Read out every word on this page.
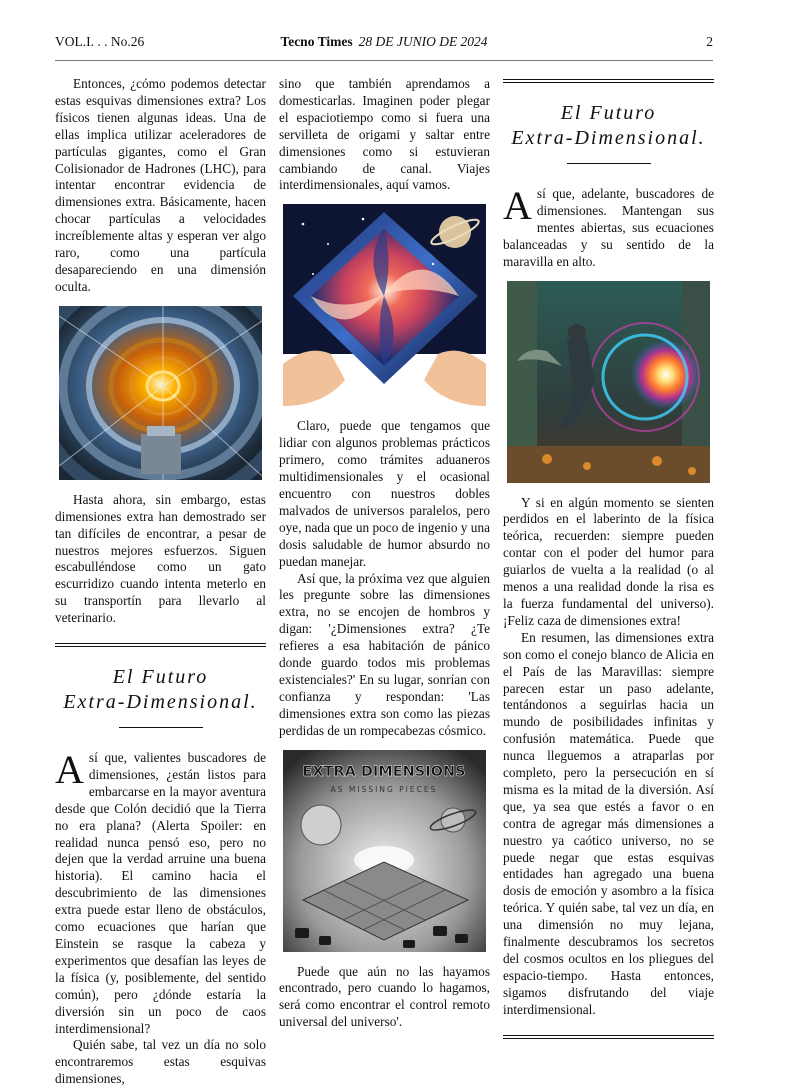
VOL.I. . . No.26	Tecno Times 28 DE JUNIO DE 2024	2

Entonces, ¿cómo podemos detectar estas esquivas dimensiones extra? Los físicos tienen algunas ideas. Una de ellas implica utilizar aceleradores de partículas gigantes, como el Gran Colisionador de Hadrones (LHC), para intentar encontrar evidencia de dimensiones extra. Básicamente, hacen chocar partículas a velocidades increíblemente altas y esperan ver algo raro, como una partícula desapareciendo en una dimensión oculta.

Hasta ahora, sin embargo, estas dimensiones extra han demostrado ser tan difíciles de encontrar, a pesar de nuestros mejores esfuerzos. Siguen escabulléndose como un gato escurridizo cuando intenta meterlo en su transportín para llevarlo al veterinario.

El Futuro
Extra-Dimensional.

Así que, valientes buscadores de dimensiones, ¿están listos para embarcarse en la mayor aventura desde que Colón decidió que la Tierra no era plana? (Alerta Spoiler: en realidad nunca pensó eso, pero no dejen que la verdad arruine una buena historia). El camino hacia el descubrimiento de las dimensiones extra puede estar lleno de obstáculos, como ecuaciones que harían que Einstein se rasque la cabeza y experimentos que desafían las leyes de la física (y, posiblemente, del sentido común), pero ¿dónde estaría la diversión sin un poco de caos interdimensional?

Quién sabe, tal vez un día no solo encontraremos estas esquivas dimensiones,

sino que también aprendamos a domesticarlas. Imaginen poder plegar el espaciotiempo como si fuera una servilleta de origami y saltar entre dimensiones como si estuvieran cambiando de canal. Viajes interdimensionales, aquí vamos.

Claro, puede que tengamos que lidiar con algunos problemas prácticos primero, como trámites aduaneros multidimensionales y el ocasional encuentro con nuestros dobles malvados de universos paralelos, pero oye, nada que un poco de ingenio y una dosis saludable de humor absurdo no puedan manejar.

Así que, la próxima vez que alguien les pregunte sobre las dimensiones extra, no se encojen de hombros y digan: '¿Dimensiones extra? ¿Te refieres a esa habitación de pánico donde guardo todos mis problemas existenciales?' En su lugar, sonrían con confianza y respondan: 'Las dimensiones extra son como las piezas perdidas de un rompecabezas cósmico.

EXTRA DIMENSIONS
AS MISSING PIECES

Puede que aún no las hayamos encontrado, pero cuando lo hagamos, será como encontrar el control remoto universal del universo'.

El Futuro
Extra-Dimensional.

Así que, adelante, buscadores de dimensiones. Mantengan sus mentes abiertas, sus ecuaciones balanceadas y su sentido de la maravilla en alto.

Y si en algún momento se sienten perdidos en el laberinto de la física teórica, recuerden: siempre pueden contar con el poder del humor para guiarlos de vuelta a la realidad (o al menos a una realidad donde la risa es la fuerza fundamental del universo). ¡Feliz caza de dimensiones extra!

En resumen, las dimensiones extra son como el conejo blanco de Alicia en el País de las Maravillas: siempre parecen estar un paso adelante, tentándonos a seguirlas hacia un mundo de posibilidades infinitas y confusión matemática. Puede que nunca lleguemos a atraparlas por completo, pero la persecución en sí misma es la mitad de la diversión. Así que, ya sea que estés a favor o en contra de agregar más dimensiones a nuestro ya caótico universo, no se puede negar que estas esquivas entidades han agregado una buena dosis de emoción y asombro a la física teórica. Y quién sabe, tal vez un día, en una dimensión no muy lejana, finalmente descubramos los secretos del cosmos ocultos en los pliegues del espacio-tiempo. Hasta entonces, sigamos disfrutando del viaje interdimensional.
